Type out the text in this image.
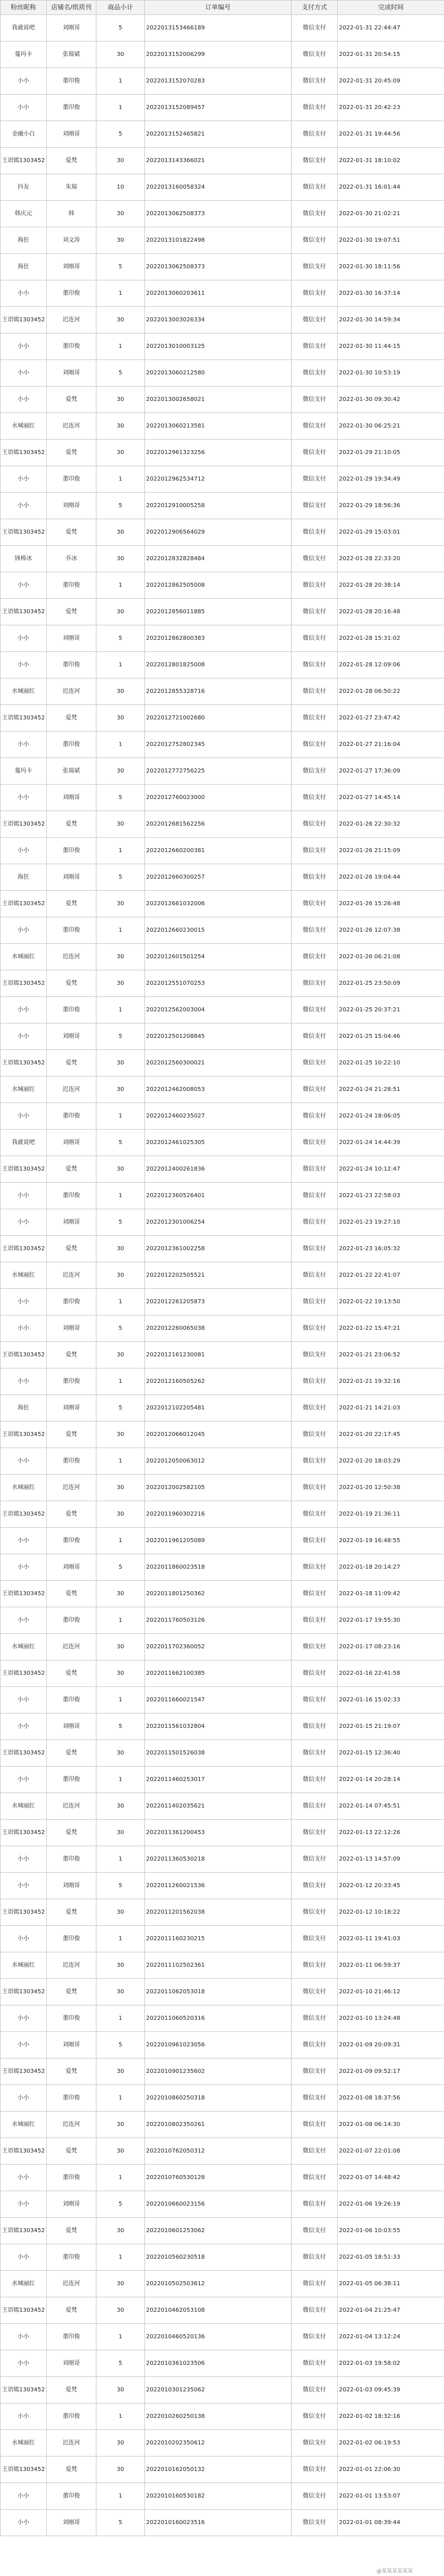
粉丝昵称	店铺名/纸质刊	商品小计	订单编号	支付方式	完成时间
我就说吧	刘刚哥	5	2022013153466189	微信支付	2022-01-31 22:44:47
蔓玛卡	张瑞斌	30	2022013152006299	微信支付	2022-01-31 20:54:15
小小	董印俊	1	2022013152070283	微信支付	2022-01-31 20:45:09
小小	董印俊	1	2022013152089457	微信支付	2022-01-31 20:42:23
金融小白	刘刚哥	5	2022013152465821	微信支付	2022-01-31 19:44:56
王语嫣1303452	爱梵	30	2022013143366021	微信支付	2022-01-31 18:10:02
抖友	朱瑞	10	2022013160058324	微信支付	2022-01-31 16:01:44
韩庆元	韩	30	2022013062508373	微信支付	2022-01-30 21:02:21
海狂	刘文涛	30	2022013101822498	微信支付	2022-01-30 19:07:51
海狂	刘刚哥	5	2022013062508373	微信支付	2022-01-30 18:11:56
小小	董印俊	1	2022013060203611	微信支付	2022-01-30 16:37:14
王语嫣1303452	迟连河	30	2022013003026334	微信支付	2022-01-30 14:59:34
小小	董印俊	1	2022013010003125	微信支付	2022-01-30 11:44:15
小小	刘刚哥	5	2022013060212580	微信支付	2022-01-30 10:53:19
小小	爱梵	30	2022013002658021	微信支付	2022-01-30 09:30:42
水城丽红	迟连河	30	2022013060213581	微信支付	2022-01-30 06:25:21
王语嫣1303452	爱梵	30	2022012961323256	微信支付	2022-01-29 21:10:05
小小	董印俊	1	2022012962534712	微信支付	2022-01-29 19:34:49
小小	刘刚哥	5	2022012910005258	微信支付	2022-01-29 18:56:36
王语嫣1303452	爱梵	30	2022012906564029	微信支付	2022-01-29 15:03:01
锋棒冰	乔冰	30	2022012832828484	微信支付	2022-01-28 22:33:20
小小	董印俊	1	2022012862505008	微信支付	2022-01-28 20:38:14
王语嫣1303452	爱梵	30	2022012856011885	微信支付	2022-01-28 20:16:48
小小	刘刚哥	5	2022012862800383	微信支付	2022-01-28 15:31:02
小小	董印俊	1	2022012801825008	微信支付	2022-01-28 12:09:06
水城丽红	迟连河	30	2022012855328716	微信支付	2022-01-28 06:50:22
王语嫣1303452	爱梵	30	2022012721002680	微信支付	2022-01-27 23:47:42
小小	董印俊	1	2022012752802345	微信支付	2022-01-27 21:16:04
蔓玛卡	张瑞斌	30	2022012772756225	微信支付	2022-01-27 17:36:09
小小	刘刚哥	5	2022012760023000	微信支付	2022-01-27 14:45:14
王语嫣1303452	爱梵	30	2022012681562256	微信支付	2022-01-26 22:30:32
小小	董印俊	1	2022012660200381	微信支付	2022-01-26 21:15:09
海狂	刘刚哥	5	2022012660300257	微信支付	2022-01-26 19:04:44
王语嫣1303452	爱梵	30	2022012661032006	微信支付	2022-01-26 15:26:48
小小	董印俊	1	2022012660230015	微信支付	2022-01-26 12:07:38
水城丽红	迟连河	30	2022012601501254	微信支付	2022-01-26 06:21:08
王语嫣1303452	爱梵	30	2022012551070253	微信支付	2022-01-25 23:50:09
小小	董印俊	1	2022012562003004	微信支付	2022-01-25 20:37:21
小小	刘刚哥	5	2022012501208845	微信支付	2022-01-25 15:04:46
王语嫣1303452	爱梵	30	2022012560300021	微信支付	2022-01-25 10:22:10
水城丽红	迟连河	30	2022012462008053	微信支付	2022-01-24 21:28:51
小小	董印俊	1	2022012460235027	微信支付	2022-01-24 18:06:05
我就说吧	刘刚哥	5	2022012461025305	微信支付	2022-01-24 14:44:39
王语嫣1303452	爱梵	30	2022012400261836	微信支付	2022-01-24 10:12:47
小小	董印俊	1	2022012360526401	微信支付	2022-01-23 22:58:03
小小	刘刚哥	5	2022012301006254	微信支付	2022-01-23 19:27:10
王语嫣1303452	爱梵	30	2022012361002258	微信支付	2022-01-23 16:05:32
水城丽红	迟连河	30	2022012202505521	微信支付	2022-01-22 22:41:07
小小	董印俊	1	2022012261205873	微信支付	2022-01-22 19:13:50
小小	刘刚哥	5	2022012260065038	微信支付	2022-01-22 15:47:21
王语嫣1303452	爱梵	30	2022012161230081	微信支付	2022-01-21 23:06:52
小小	董印俊	1	2022012160505262	微信支付	2022-01-21 19:32:16
海狂	刘刚哥	5	2022012102205481	微信支付	2022-01-21 14:21:03
王语嫣1303452	爱梵	30	2022012066012045	微信支付	2022-01-20 22:17:45
小小	董印俊	1	2022012050063012	微信支付	2022-01-20 18:03:29
水城丽红	迟连河	30	2022012002582105	微信支付	2022-01-20 12:50:38
王语嫣1303452	爱梵	30	2022011960302216	微信支付	2022-01-19 21:36:11
小小	董印俊	1	2022011961205089	微信支付	2022-01-19 16:48:55
小小	刘刚哥	5	2022011860023518	微信支付	2022-01-18 20:14:27
王语嫣1303452	爱梵	30	2022011801250362	微信支付	2022-01-18 11:09:42
小小	董印俊	1	2022011760503126	微信支付	2022-01-17 19:55:30
水城丽红	迟连河	30	2022011702360052	微信支付	2022-01-17 08:23:16
王语嫣1303452	爱梵	30	2022011662100385	微信支付	2022-01-16 22:41:58
小小	董印俊	1	2022011660021547	微信支付	2022-01-16 15:02:33
小小	刘刚哥	5	2022011561032804	微信支付	2022-01-15 21:19:07
王语嫣1303452	爱梵	30	2022011501526038	微信支付	2022-01-15 12:36:40
小小	董印俊	1	2022011460253017	微信支付	2022-01-14 20:28:14
水城丽红	迟连河	30	2022011402035621	微信支付	2022-01-14 07:45:51
王语嫣1303452	爱梵	30	2022011361200453	微信支付	2022-01-13 22:12:26
小小	董印俊	1	2022011360530218	微信支付	2022-01-13 14:57:09
小小	刘刚哥	5	2022011260021536	微信支付	2022-01-12 20:33:45
王语嫣1303452	爱梵	30	2022011201562038	微信支付	2022-01-12 10:18:22
小小	董印俊	1	2022011160230215	微信支付	2022-01-11 19:41:03
水城丽红	迟连河	30	2022011102502361	微信支付	2022-01-11 06:59:37
王语嫣1303452	爱梵	30	2022011062053018	微信支付	2022-01-10 21:46:12
小小	董印俊	1	2022011060520316	微信支付	2022-01-10 13:24:48
小小	刘刚哥	5	2022010961023056	微信支付	2022-01-09 20:09:31
王语嫣1303452	爱梵	30	2022010901235602	微信支付	2022-01-09 09:52:17
小小	董印俊	1	2022010860250318	微信支付	2022-01-08 18:37:56
水城丽红	迟连河	30	2022010802350261	微信支付	2022-01-08 06:14:30
王语嫣1303452	爱梵	30	2022010762050312	微信支付	2022-01-07 22:01:08
小小	董印俊	1	2022010760530128	微信支付	2022-01-07 14:48:42
小小	刘刚哥	5	2022010660023156	微信支付	2022-01-06 19:26:19
王语嫣1303452	爱梵	30	2022010601253062	微信支付	2022-01-06 10:03:55
小小	董印俊	1	2022010560230518	微信支付	2022-01-05 18:51:33
水城丽红	迟连河	30	2022010502503612	微信支付	2022-01-05 06:38:11
王语嫣1303452	爱梵	30	2022010462053108	微信支付	2022-01-04 21:25:47
小小	董印俊	1	2022010460520136	微信支付	2022-01-04 13:12:24
小小	刘刚哥	5	2022010361023506	微信支付	2022-01-03 19:58:02
王语嫣1303452	爱梵	30	2022010301235062	微信支付	2022-01-03 09:45:39
小小	董印俊	1	2022010260250138	微信支付	2022-01-02 18:32:16
水城丽红	迟连河	30	2022010202350612	微信支付	2022-01-02 06:19:53
王语嫣1303452	爱梵	30	2022010162050132	微信支付	2022-01-01 22:06:30
小小	董印俊	1	2022010160530182	微信支付	2022-01-01 13:53:07
小小	刘刚哥	5	2022010160023516	微信支付	2022-01-01 08:39:44
@某某某某某某
